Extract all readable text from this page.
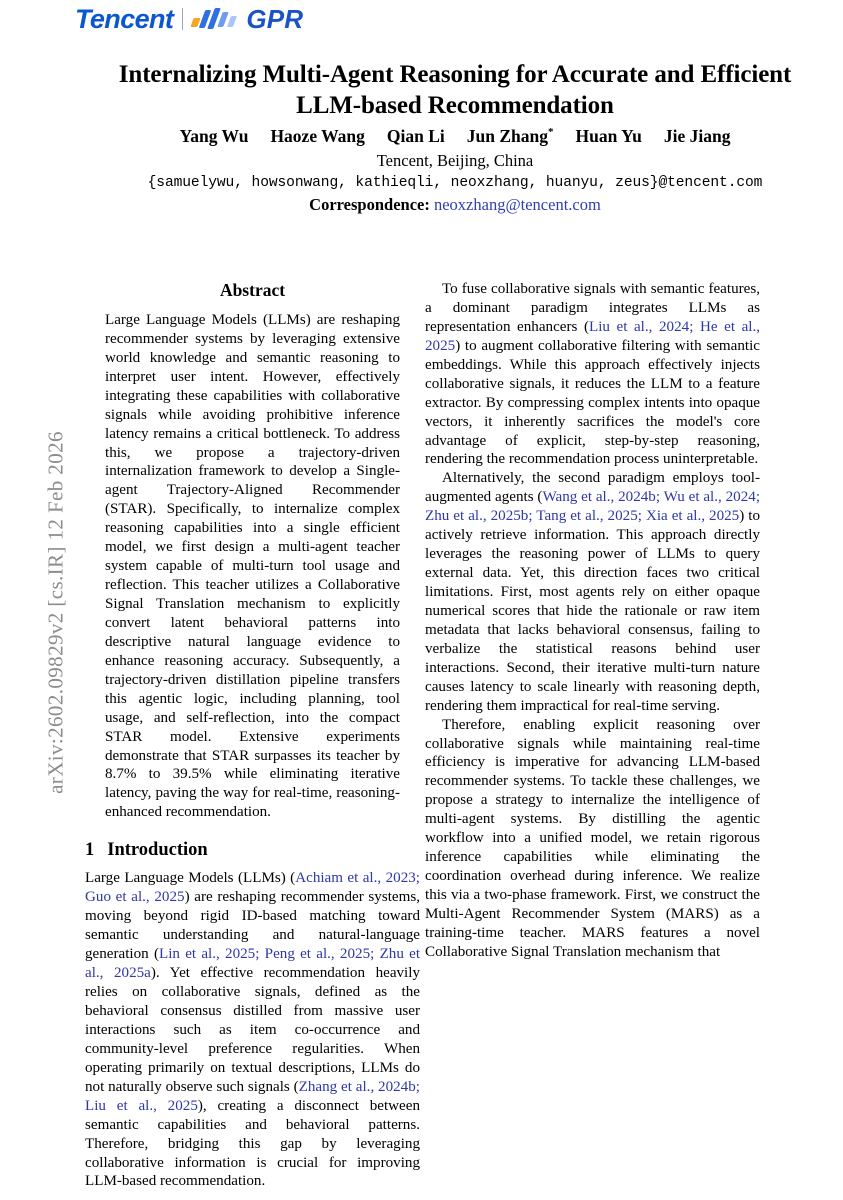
arXiv:2602.09829v2 [cs.IR] 12 Feb 2026
Tencent	GPR
Internalizing Multi-Agent Reasoning for Accurate and Efficient LLM-based Recommendation
Yang Wu Haoze Wang Qian Li Jun Zhang* Huan Yu Jie Jiang
Tencent, Beijing, China
{samuelywu, howsonwang, kathieqli, neoxzhang, huanyu, zeus}@tencent.com
Correspondence: neoxzhang@tencent.com
Abstract

Large Language Models (LLMs) are reshaping recommender systems by leveraging extensive world knowledge and semantic reasoning to interpret user intent. However, effectively integrating these capabilities with collaborative signals while avoiding prohibitive inference latency remains a critical bottleneck. To address this, we propose a trajectory-driven internalization framework to develop a Single-agent Trajectory-Aligned Recommender (STAR). Specifically, to internalize complex reasoning capabilities into a single efficient model, we first design a multi-agent teacher system capable of multi-turn tool usage and reflection. This teacher utilizes a Collaborative Signal Translation mechanism to explicitly convert latent behavioral patterns into descriptive natural language evidence to enhance reasoning accuracy. Subsequently, a trajectory-driven distillation pipeline transfers this agentic logic, including planning, tool usage, and self-reflection, into the compact STAR model. Extensive experiments demonstrate that STAR surpasses its teacher by 8.7% to 39.5% while eliminating iterative latency, paving the way for real-time, reasoning-enhanced recommendation.

1 Introduction

Large Language Models (LLMs) (Achiam et al., 2023; Guo et al., 2025) are reshaping recommender systems, moving beyond rigid ID-based matching toward semantic understanding and natural-language generation (Lin et al., 2025; Peng et al., 2025; Zhu et al., 2025a). Yet effective recommendation heavily relies on collaborative signals, defined as the behavioral consensus distilled from massive user interactions such as item co-occurrence and community-level preference regularities. When operating primarily on textual descriptions, LLMs do not naturally observe such signals (Zhang et al., 2024b; Liu et al., 2025), creating a disconnect between semantic capabilities and behavioral patterns. Therefore, bridging this gap by leveraging collaborative information is crucial for improving LLM-based recommendation.

To fuse collaborative signals with semantic features, a dominant paradigm integrates LLMs as representation enhancers (Liu et al., 2024; He et al., 2025) to augment collaborative filtering with semantic embeddings. While this approach effectively injects collaborative signals, it reduces the LLM to a feature extractor. By compressing complex intents into opaque vectors, it inherently sacrifices the model's core advantage of explicit, step-by-step reasoning, rendering the recommendation process uninterpretable.

Alternatively, the second paradigm employs tool-augmented agents (Wang et al., 2024b; Wu et al., 2024; Zhu et al., 2025b; Tang et al., 2025; Xia et al., 2025) to actively retrieve information. This approach directly leverages the reasoning power of LLMs to query external data. Yet, this direction faces two critical limitations. First, most agents rely on either opaque numerical scores that hide the rationale or raw item metadata that lacks behavioral consensus, failing to verbalize the statistical reasons behind user interactions. Second, their iterative multi-turn nature causes latency to scale linearly with reasoning depth, rendering them impractical for real-time serving.

Therefore, enabling explicit reasoning over collaborative signals while maintaining real-time efficiency is imperative for advancing LLM-based recommender systems. To tackle these challenges, we propose a strategy to internalize the intelligence of multi-agent systems. By distilling the agentic workflow into a unified model, we retain rigorous inference capabilities while eliminating the coordination overhead during inference. We realize this via a two-phase framework. First, we construct the Multi-Agent Recommender System (MARS) as a training-time teacher. MARS features a novel Collaborative Signal Translation mechanism that
